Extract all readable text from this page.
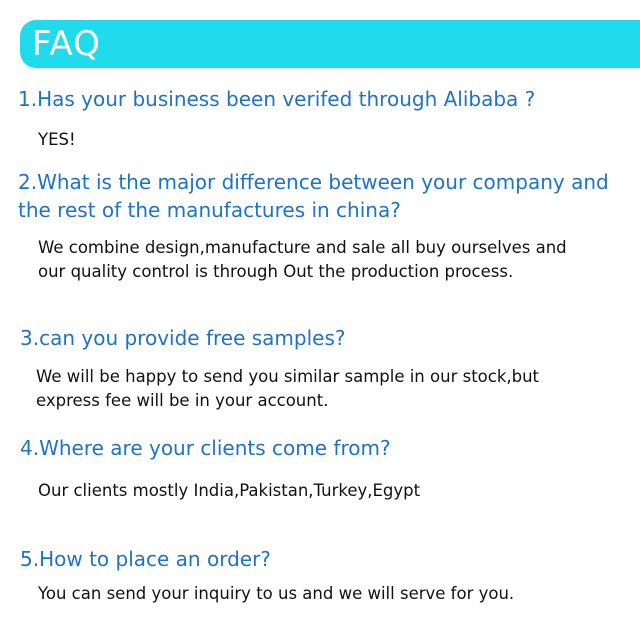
FAQ
1.Has your business been verifed through Alibaba ?
YES!
2.What is the major difference between your company and the rest of the manufactures in china?
We combine design,manufacture and sale all buy ourselves and our quality control is through Out the production process.
3.can you provide free samples?
We will be happy to send you similar sample in our stock,but express fee will be in your account.
4.Where are your clients come from?
Our clients mostly India,Pakistan,Turkey,Egypt
5.How to place an order?
You can send your inquiry to us and we will serve for you.
